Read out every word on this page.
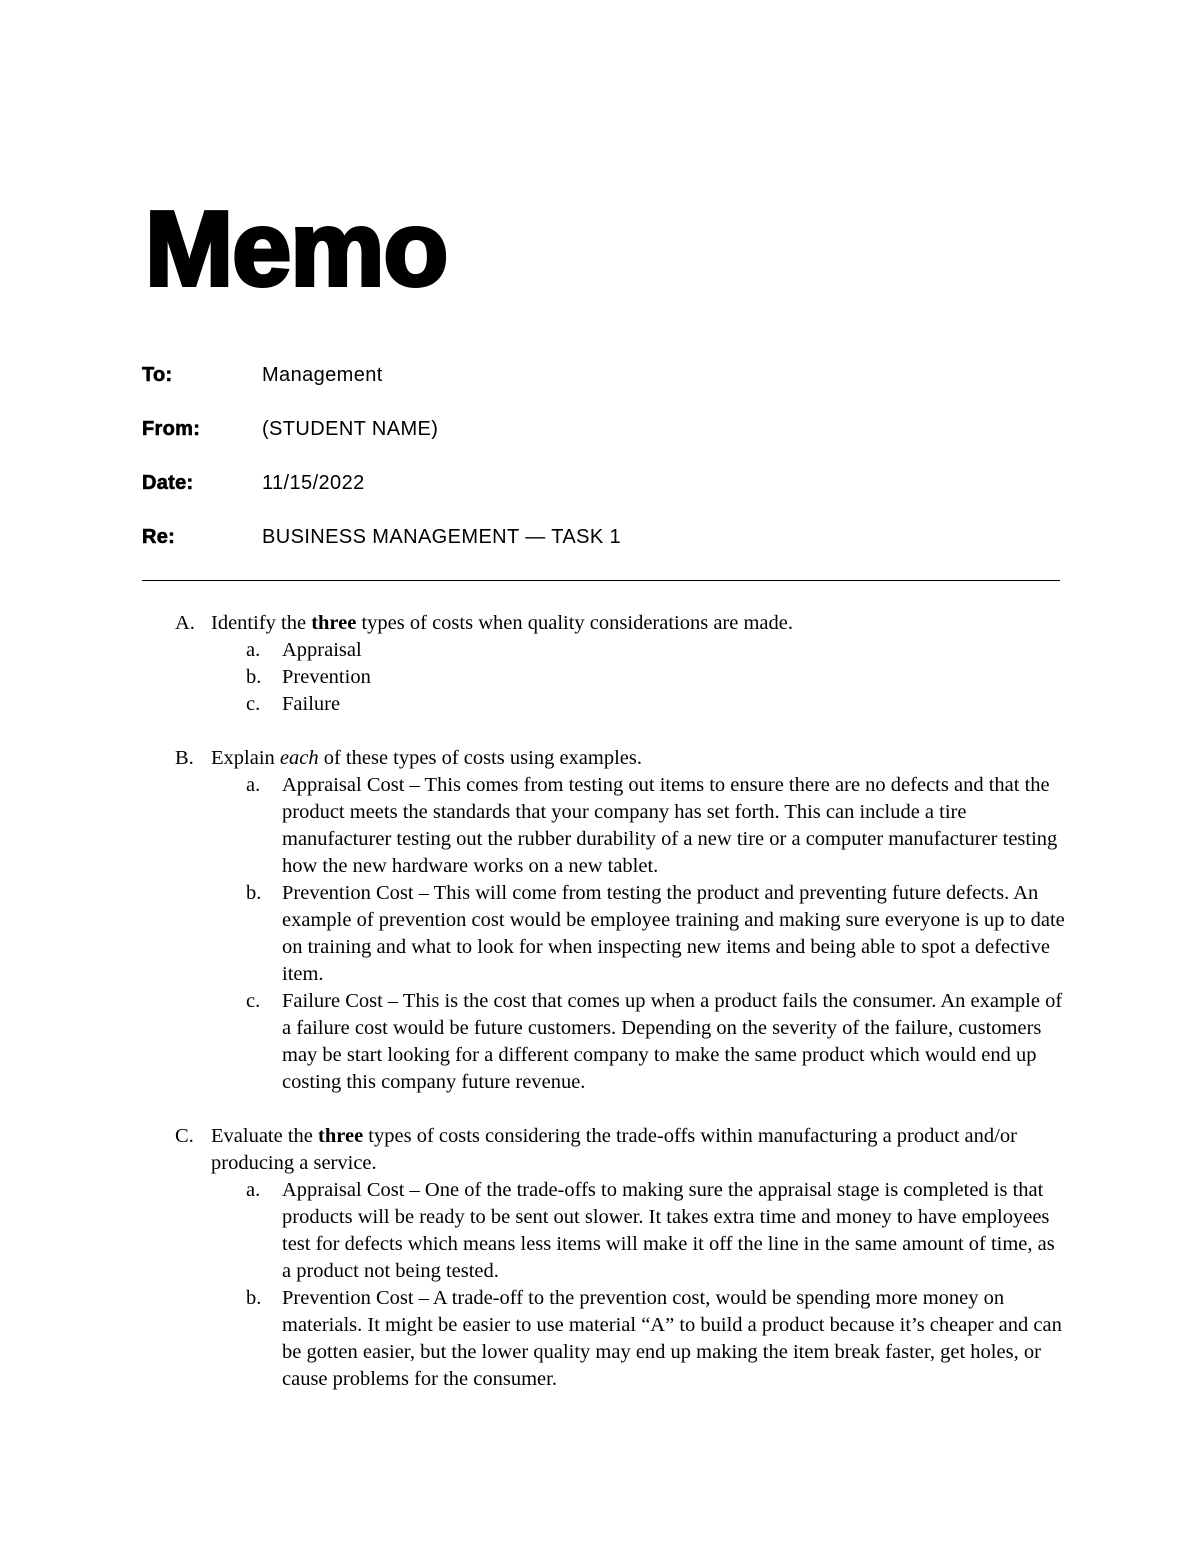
Memo
To:	Management
From:	(STUDENT NAME)
Date:	11/15/2022
Re:	BUSINESS MANAGEMENT — TASK 1
A. Identify the three types of costs when quality considerations are made.
a. Appraisal
b. Prevention
c. Failure
B. Explain each of these types of costs using examples.
a. Appraisal Cost – This comes from testing out items to ensure there are no defects and that the product meets the standards that your company has set forth. This can include a tire manufacturer testing out the rubber durability of a new tire or a computer manufacturer testing how the new hardware works on a new tablet.
b. Prevention Cost – This will come from testing the product and preventing future defects. An example of prevention cost would be employee training and making sure everyone is up to date on training and what to look for when inspecting new items and being able to spot a defective item.
c. Failure Cost – This is the cost that comes up when a product fails the consumer. An example of a failure cost would be future customers. Depending on the severity of the failure, customers may be start looking for a different company to make the same product which would end up costing this company future revenue.
C. Evaluate the three types of costs considering the trade-offs within manufacturing a product and/or producing a service.
a. Appraisal Cost – One of the trade-offs to making sure the appraisal stage is completed is that products will be ready to be sent out slower. It takes extra time and money to have employees test for defects which means less items will make it off the line in the same amount of time, as a product not being tested.
b. Prevention Cost – A trade-off to the prevention cost, would be spending more money on materials. It might be easier to use material “A” to build a product because it’s cheaper and can be gotten easier, but the lower quality may end up making the item break faster, get holes, or cause problems for the consumer.
